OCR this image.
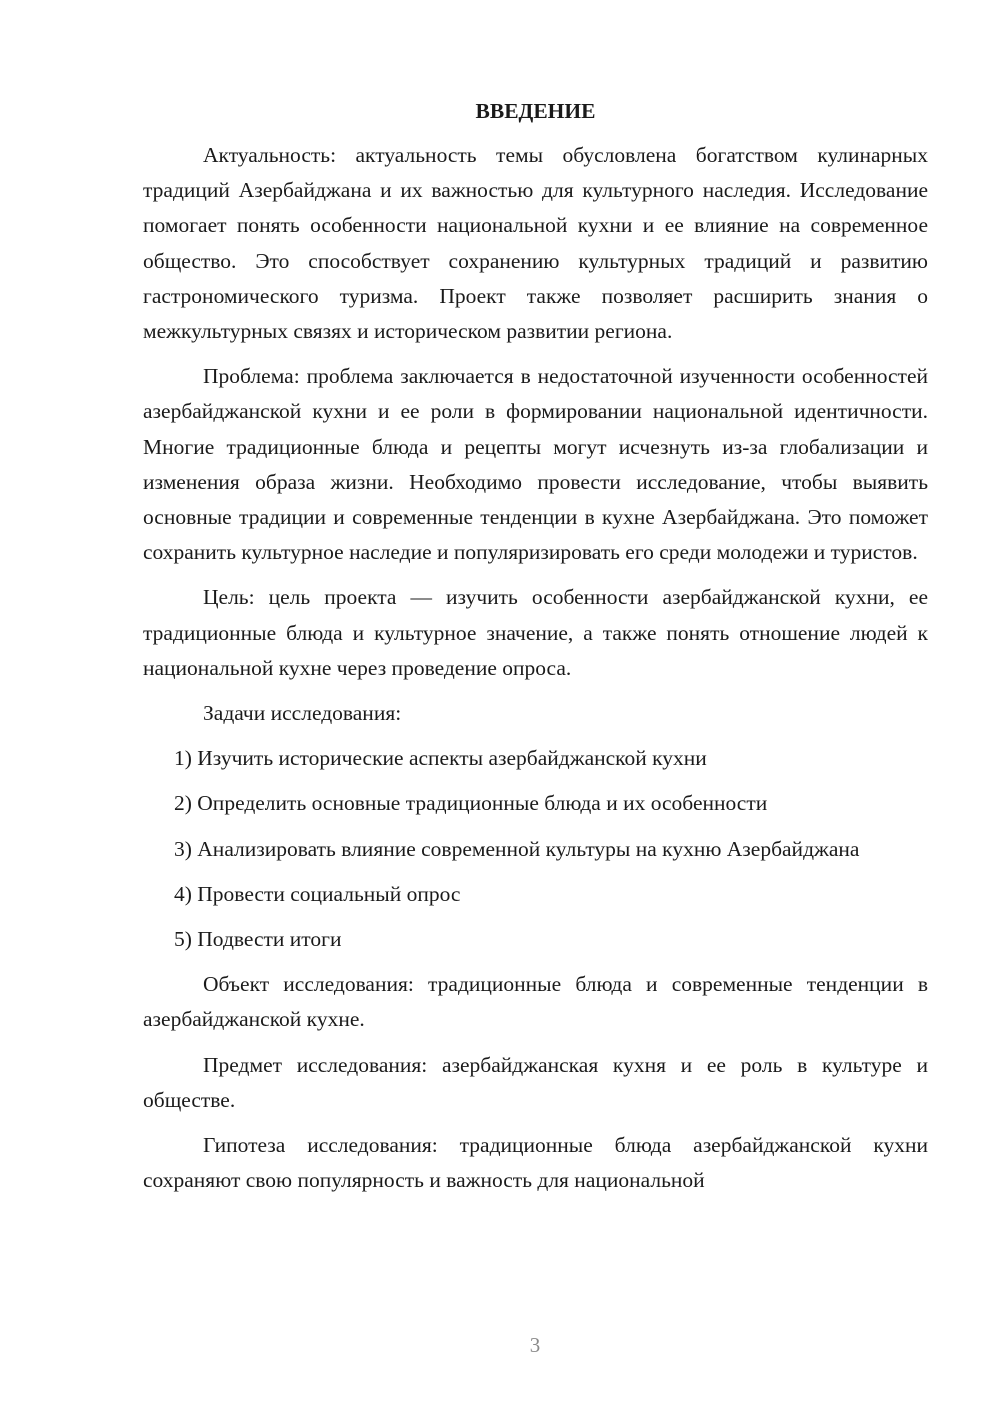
ВВЕДЕНИЕ

Актуальность: актуальность темы обусловлена богатством кулинарных традиций Азербайджана и их важностью для культурного наследия. Исследование помогает понять особенности национальной кухни и ее влияние на современное общество. Это способствует сохранению культурных традиций и развитию гастрономического туризма. Проект также позволяет расширить знания о межкультурных связях и историческом развитии региона.

Проблема: проблема заключается в недостаточной изученности особенностей азербайджанской кухни и ее роли в формировании национальной идентичности. Многие традиционные блюда и рецепты могут исчезнуть из-за глобализации и изменения образа жизни. Необходимо провести исследование, чтобы выявить основные традиции и современные тенденции в кухне Азербайджана. Это поможет сохранить культурное наследие и популяризировать его среди молодежи и туристов.

Цель: цель проекта — изучить особенности азербайджанской кухни, ее традиционные блюда и культурное значение, а также понять отношение людей к национальной кухне через проведение опроса.

Задачи исследования:

1) Изучить исторические аспекты азербайджанской кухни

2) Определить основные традиционные блюда и их особенности

3) Анализировать влияние современной культуры на кухню Азербайджана

4) Провести социальный опрос

5) Подвести итоги

Объект исследования: традиционные блюда и современные тенденции в азербайджанской кухне.

Предмет исследования: азербайджанская кухня и ее роль в культуре и обществе.

Гипотеза исследования: традиционные блюда азербайджанской кухни сохраняют свою популярность и важность для национальной

3
